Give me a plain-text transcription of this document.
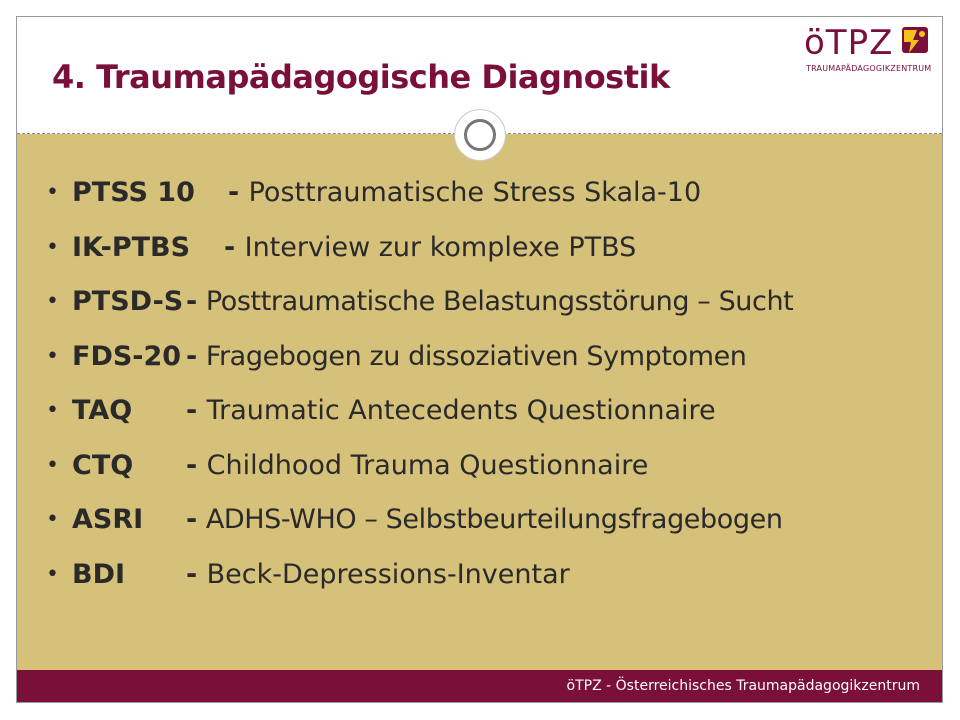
4. Traumapädagogische Diagnostik
öTPZ
TRAUMAPÄDAGOGIKZENTRUM
• PTSS 10 - Posttraumatische Stress Skala-10
• IK-PTBS - Interview zur komplexe PTBS
• PTSD-S - Posttraumatische Belastungsstörung – Sucht
• FDS-20 - Fragebogen zu dissoziativen Symptomen
• TAQ - Traumatic Antecedents Questionnaire
• CTQ - Childhood Trauma Questionnaire
• ASRI - ADHS-WHO – Selbstbeurteilungsfragebogen
• BDI - Beck-Depressions-Inventar
öTPZ - Österreichisches Traumapädagogikzentrum
